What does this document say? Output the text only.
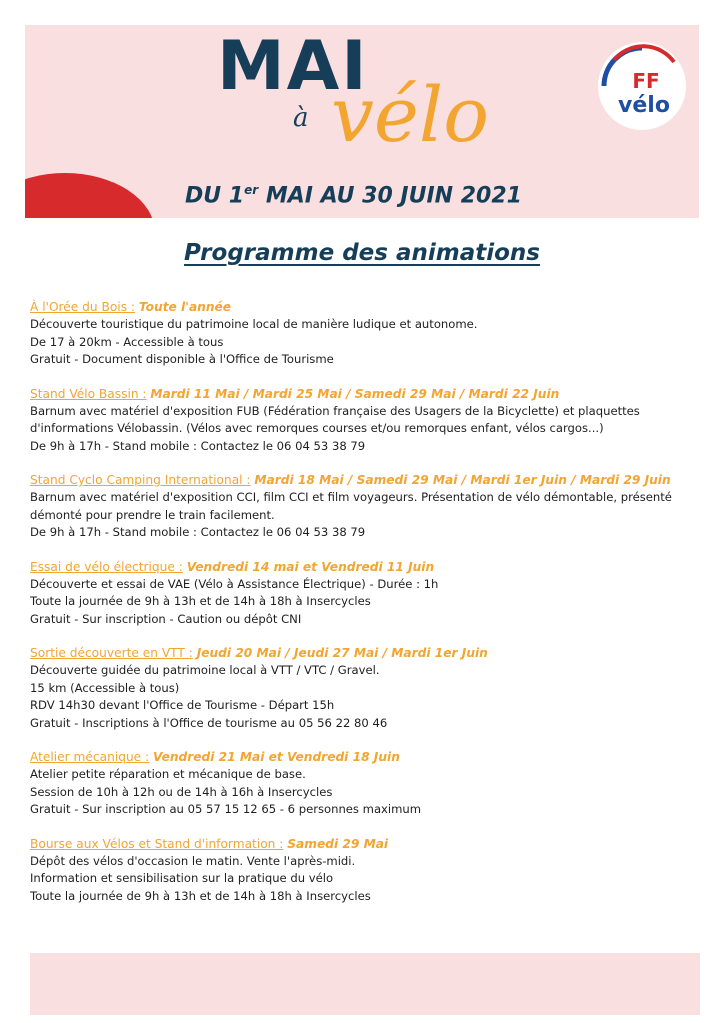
MAI
à vélo
DU 1er MAI AU 30 JUIN 2021
FF
vélo
Programme des animations
À l'Orée du Bois : Toute l'année
Découverte touristique du patrimoine local de manière ludique et autonome.
De 17 à 20km - Accessible à tous
Gratuit - Document disponible à l'Office de Tourisme
Stand Vélo Bassin : Mardi 11 Mai / Mardi 25 Mai / Samedi 29 Mai / Mardi 22 Juin
Barnum avec matériel d'exposition FUB (Fédération française des Usagers de la Bicyclette) et plaquettes
d'informations Vélobassin. (Vélos avec remorques courses et/ou remorques enfant, vélos cargos...)
De 9h à 17h - Stand mobile : Contactez le 06 04 53 38 79
Stand Cyclo Camping International : Mardi 18 Mai / Samedi 29 Mai / Mardi 1er Juin / Mardi 29 Juin
Barnum avec matériel d'exposition CCI, film CCI et film voyageurs. Présentation de vélo démontable, présenté
démonté pour prendre le train facilement.
De 9h à 17h - Stand mobile : Contactez le 06 04 53 38 79
Essai de vélo électrique : Vendredi 14 mai et Vendredi 11 Juin
Découverte et essai de VAE (Vélo à Assistance Électrique) - Durée : 1h
Toute la journée de 9h à 13h et de 14h à 18h à Insercycles
Gratuit - Sur inscription - Caution ou dépôt CNI
Sortie découverte en VTT : Jeudi 20 Mai / Jeudi 27 Mai / Mardi 1er Juin
Découverte guidée du patrimoine local à VTT / VTC / Gravel.
15 km (Accessible à tous)
RDV 14h30 devant l'Office de Tourisme - Départ 15h
Gratuit - Inscriptions à l'Office de tourisme au 05 56 22 80 46
Atelier mécanique : Vendredi 21 Mai et Vendredi 18 Juin
Atelier petite réparation et mécanique de base.
Session de 10h à 12h ou de 14h à 16h à Insercycles
Gratuit - Sur inscription au 05 57 15 12 65 - 6 personnes maximum
Bourse aux Vélos et Stand d'information : Samedi 29 Mai
Dépôt des vélos d'occasion le matin. Vente l'après-midi.
Information et sensibilisation sur la pratique du vélo
Toute la journée de 9h à 13h et de 14h à 18h à Insercycles
